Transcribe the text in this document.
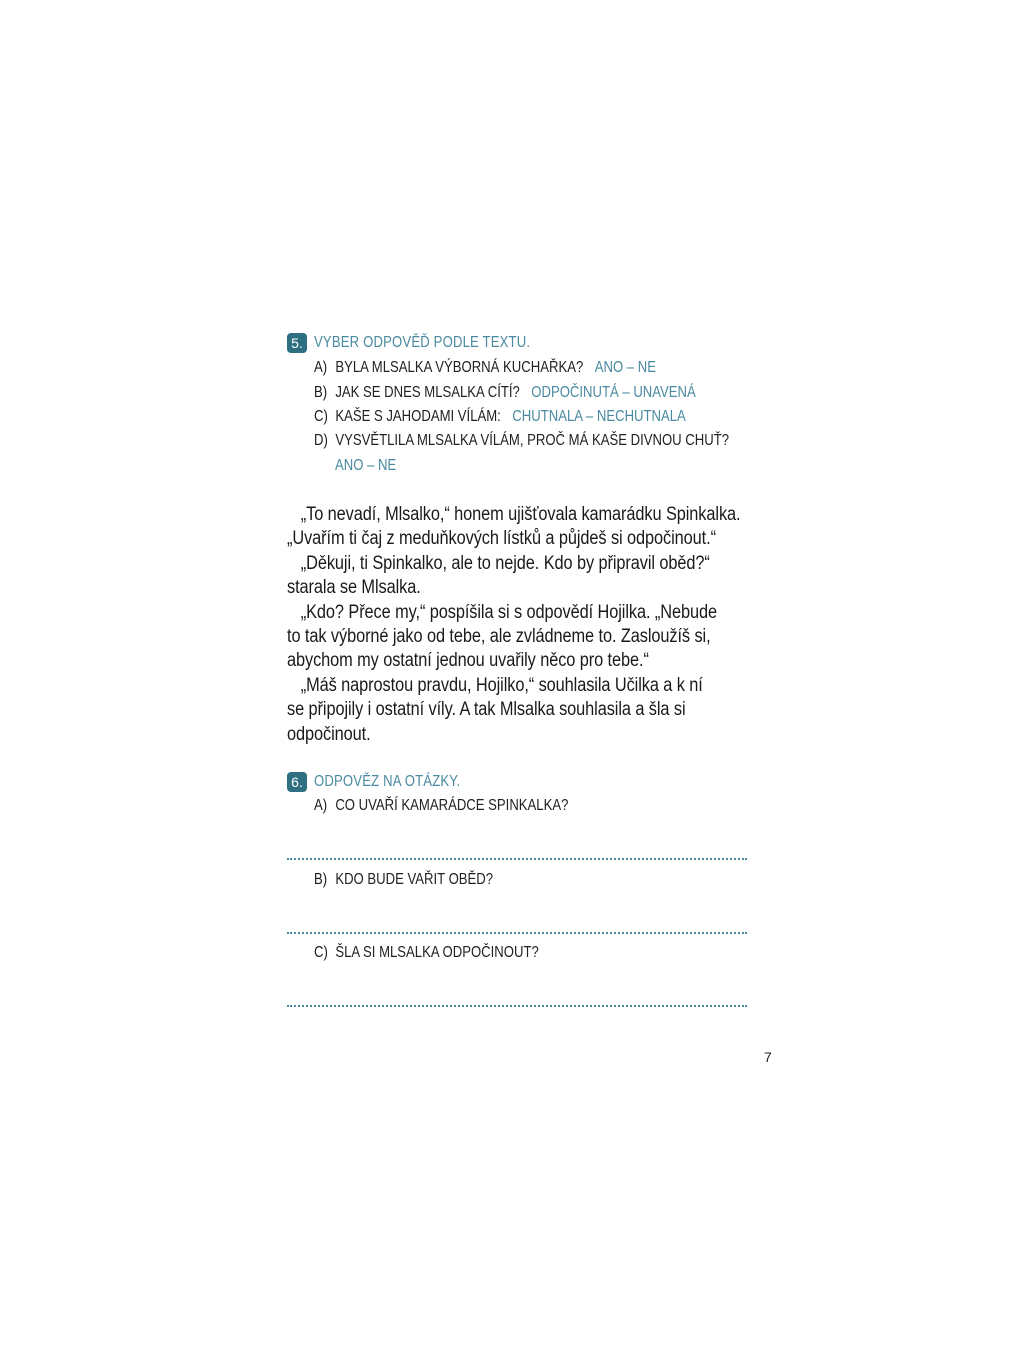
5. VYBER ODPOVĚĎ PODLE TEXTU.
A) BYLA MLSALKA VÝBORNÁ KUCHAŘKA? ANO – NE
B) JAK SE DNES MLSALKA CÍTÍ? ODPOČINUTÁ – UNAVENÁ
C) KAŠE S JAHODAMI VÍLÁM: CHUTNALA – NECHUTNALA
D) VYSVĚTLILA MLSALKA VÍLÁM, PROČ MÁ KAŠE DIVNOU CHUŤ?
ANO – NE

„To nevadí, Mlsalko,“ honem ujišťovala kamarádku Spinkalka.

„Uvařím ti čaj z meduňkových lístků a půjdeš si odpočinout.“

„Děkuji, ti Spinkalko, ale to nejde. Kdo by připravil oběd?“

starala se Mlsalka.

„Kdo? Přece my,“ pospíšila si s odpovědí Hojilka. „Nebude

to tak výborné jako od tebe, ale zvládneme to. Zasloužíš si,

abychom my ostatní jednou uvařily něco pro tebe.“

„Máš naprostou pravdu, Hojilko,“ souhlasila Učilka a k ní

se připojily i ostatní víly. A tak Mlsalka souhlasila a šla si

odpočinout.

6. ODPOVĚZ NA OTÁZKY.
A) CO UVAŘÍ KAMARÁDCE SPINKALKA?
B) KDO BUDE VAŘIT OBĚD?
C) ŠLA SI MLSALKA ODPOČINOUT?
7
